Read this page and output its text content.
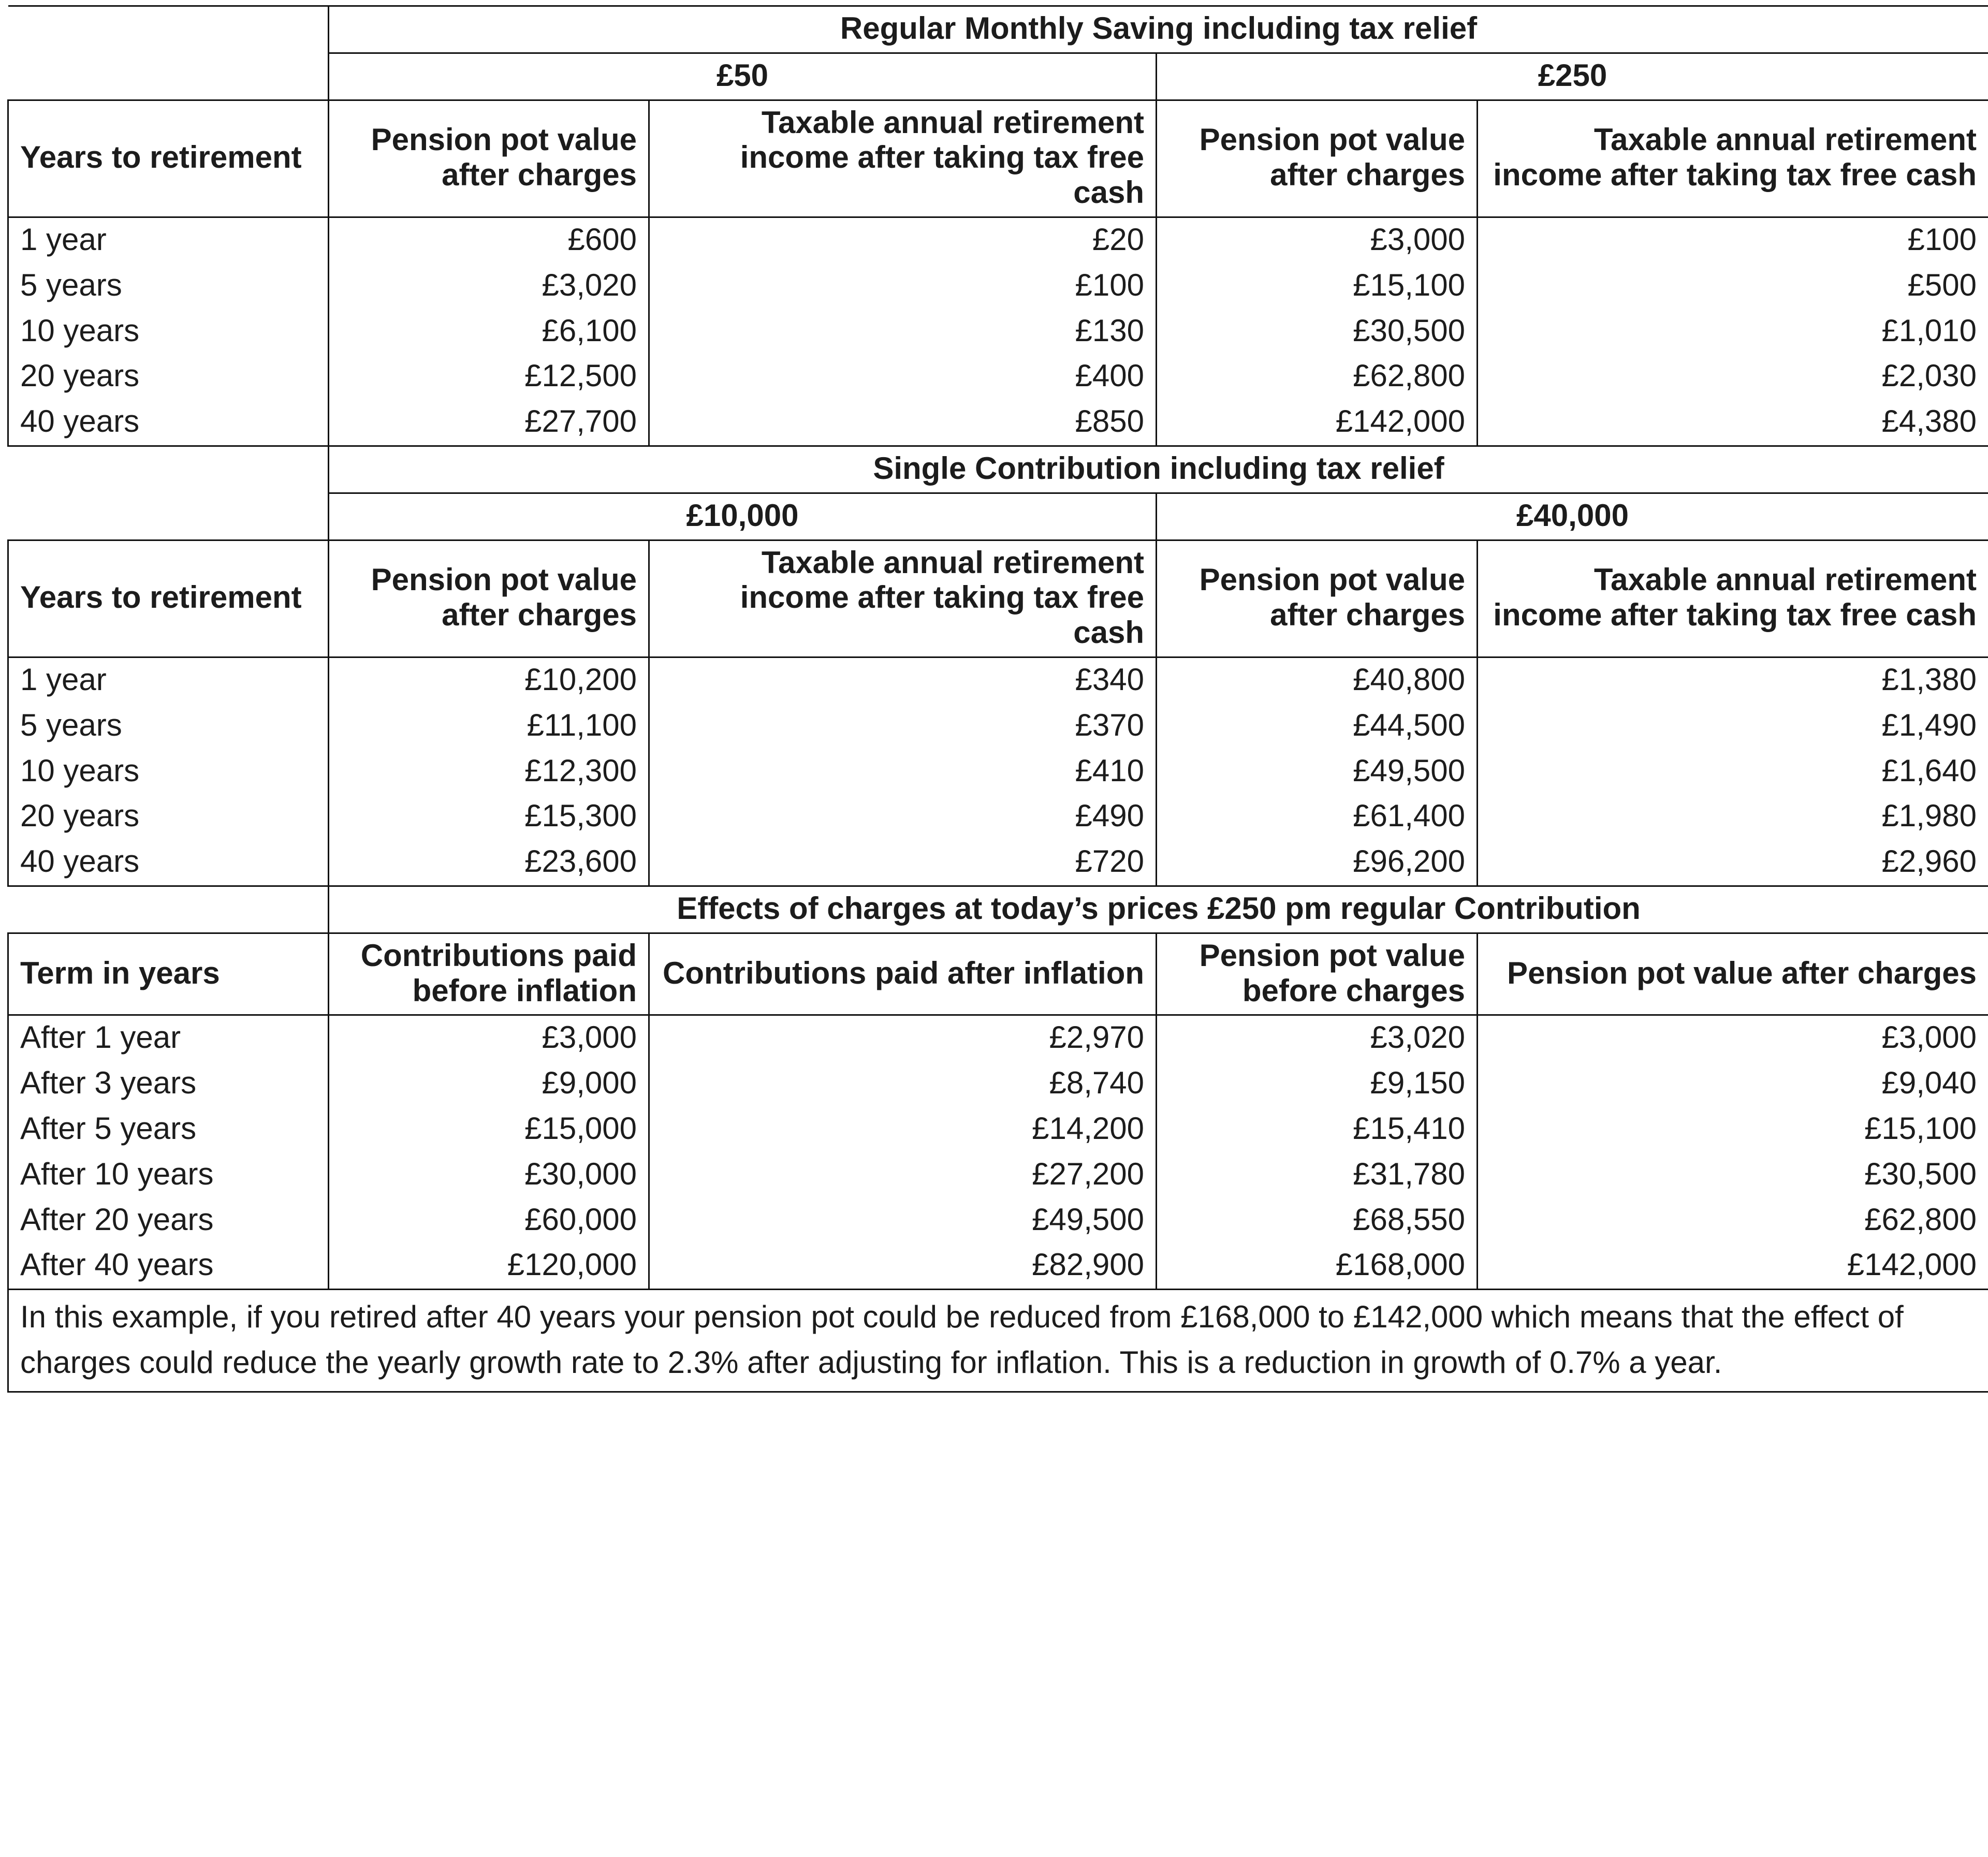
	Regular Monthly Saving including tax relief			
	£50		£250	
Years to retirement	Pension pot value after charges	Taxable annual retirement income after taking tax free cash	Pension pot value after charges	Taxable annual retirement income after taking tax free cash
1 year	£600	£20	£3,000	£100
5 years	£3,020	£100	£15,100	£500
10 years	£6,100	£130	£30,500	£1,010
20 years	£12,500	£400	£62,800	£2,030
40 years	£27,700	£850	£142,000	£4,380
	Single Contribution including tax relief			
	£10,000		£40,000	
Years to retirement	Pension pot value after charges	Taxable annual retirement income after taking tax free cash	Pension pot value after charges	Taxable annual retirement income after taking tax free cash
1 year	£10,200	£340	£40,800	£1,380
5 years	£11,100	£370	£44,500	£1,490
10 years	£12,300	£410	£49,500	£1,640
20 years	£15,300	£490	£61,400	£1,980
40 years	£23,600	£720	£96,200	£2,960
	Effects of charges at today’s prices £250 pm regular Contribution			
Term in years	Contributions paid before inflation	Contributions paid after inflation	Pension pot value before charges	Pension pot value after charges
After 1 year	£3,000	£2,970	£3,020	£3,000
After 3 years	£9,000	£8,740	£9,150	£9,040
After 5 years	£15,000	£14,200	£15,410	£15,100
After 10 years	£30,000	£27,200	£31,780	£30,500
After 20 years	£60,000	£49,500	£68,550	£62,800
After 40 years	£120,000	£82,900	£168,000	£142,000
In this example, if you retired after 40 years your pension pot could be reduced from £168,000 to £142,000 which means that the effect of charges could reduce the yearly growth rate to 2.3% after adjusting for inflation. This is a reduction in growth of 0.7% a year.				
